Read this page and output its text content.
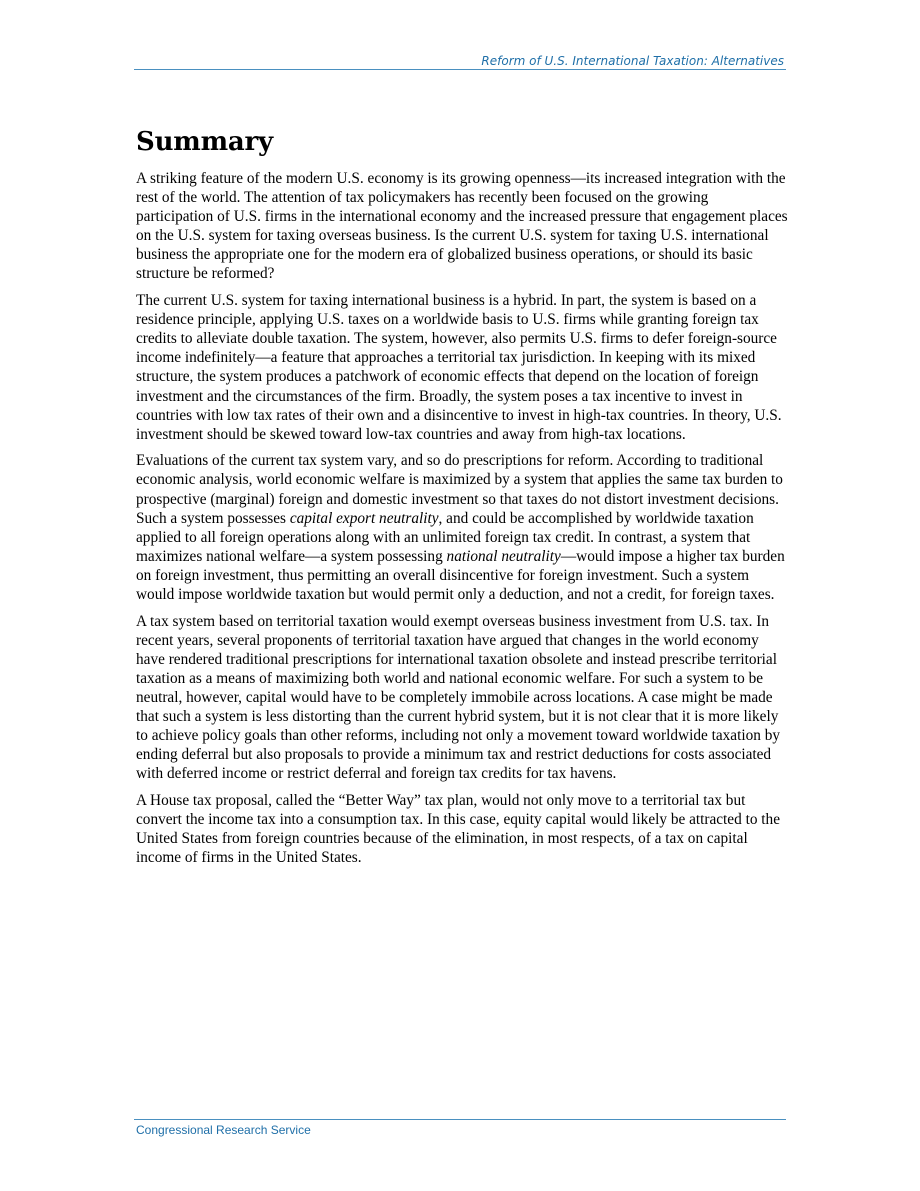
Reform of U.S. International Taxation: Alternatives
Summary

A striking feature of the modern U.S. economy is its growing openness—its increased integration with the rest of the world. The attention of tax policymakers has recently been focused on the growing participation of U.S. firms in the international economy and the increased pressure that engagement places on the U.S. system for taxing overseas business. Is the current U.S. system for taxing U.S. international business the appropriate one for the modern era of globalized business operations, or should its basic structure be reformed?

The current U.S. system for taxing international business is a hybrid. In part, the system is based on a residence principle, applying U.S. taxes on a worldwide basis to U.S. firms while granting foreign tax credits to alleviate double taxation. The system, however, also permits U.S. firms to defer foreign-source income indefinitely—a feature that approaches a territorial tax jurisdiction. In keeping with its mixed structure, the system produces a patchwork of economic effects that depend on the location of foreign investment and the circumstances of the firm. Broadly, the system poses a tax incentive to invest in countries with low tax rates of their own and a disincentive to invest in high-tax countries. In theory, U.S. investment should be skewed toward low-tax countries and away from high-tax locations.

Evaluations of the current tax system vary, and so do prescriptions for reform. According to traditional economic analysis, world economic welfare is maximized by a system that applies the same tax burden to prospective (marginal) foreign and domestic investment so that taxes do not distort investment decisions. Such a system possesses capital export neutrality, and could be accomplished by worldwide taxation applied to all foreign operations along with an unlimited foreign tax credit. In contrast, a system that maximizes national welfare—a system possessing national neutrality—would impose a higher tax burden on foreign investment, thus permitting an overall disincentive for foreign investment. Such a system would impose worldwide taxation but would permit only a deduction, and not a credit, for foreign taxes.

A tax system based on territorial taxation would exempt overseas business investment from U.S. tax. In recent years, several proponents of territorial taxation have argued that changes in the world economy have rendered traditional prescriptions for international taxation obsolete and instead prescribe territorial taxation as a means of maximizing both world and national economic welfare. For such a system to be neutral, however, capital would have to be completely immobile across locations. A case might be made that such a system is less distorting than the current hybrid system, but it is not clear that it is more likely to achieve policy goals than other reforms, including not only a movement toward worldwide taxation by ending deferral but also proposals to provide a minimum tax and restrict deductions for costs associated with deferred income or restrict deferral and foreign tax credits for tax havens.

A House tax proposal, called the “Better Way” tax plan, would not only move to a territorial tax but convert the income tax into a consumption tax. In this case, equity capital would likely be attracted to the United States from foreign countries because of the elimination, in most respects, of a tax on capital income of firms in the United States.

Congressional Research Service
